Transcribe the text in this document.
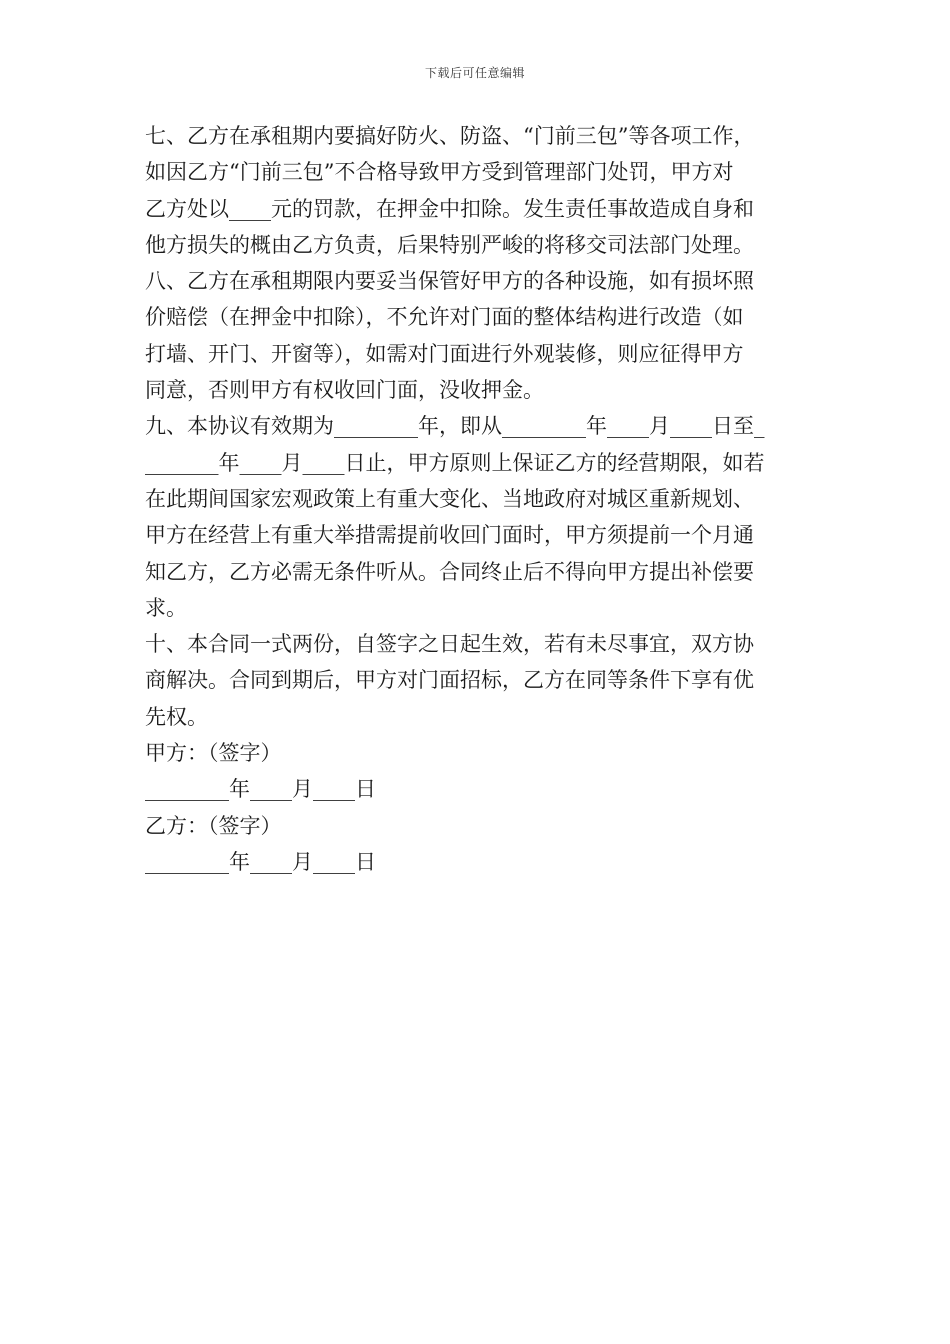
下载后可任意编辑
七、乙方在承租期内要搞好防火、防盗、“门前三包”等各项工作，
如因乙方“门前三包”不合格导致甲方受到管理部门处罚，甲方对
乙方处以____元的罚款，在押金中扣除。发生责任事故造成自身和
他方损失的概由乙方负责，后果特别严峻的将移交司法部门处理。
八、乙方在承租期限内要妥当保管好甲方的各种设施，如有损坏照
价赔偿（在押金中扣除），不允许对门面的整体结构进行改造（如
打墙、开门、开窗等），如需对门面进行外观装修，则应征得甲方
同意，否则甲方有权收回门面，没收押金。
九、本协议有效期为________年，即从________年____月____日至_
_______年____月____日止，甲方原则上保证乙方的经营期限，如若
在此期间国家宏观政策上有重大变化、当地政府对城区重新规划、
甲方在经营上有重大举措需提前收回门面时，甲方须提前一个月通
知乙方，乙方必需无条件听从。合同终止后不得向甲方提出补偿要
求。
十、本合同一式两份，自签字之日起生效，若有未尽事宜，双方协
商解决。合同到期后，甲方对门面招标，乙方在同等条件下享有优
先权。
甲方：（签字）
________年____月____日
乙方：（签字）
________年____月____日
